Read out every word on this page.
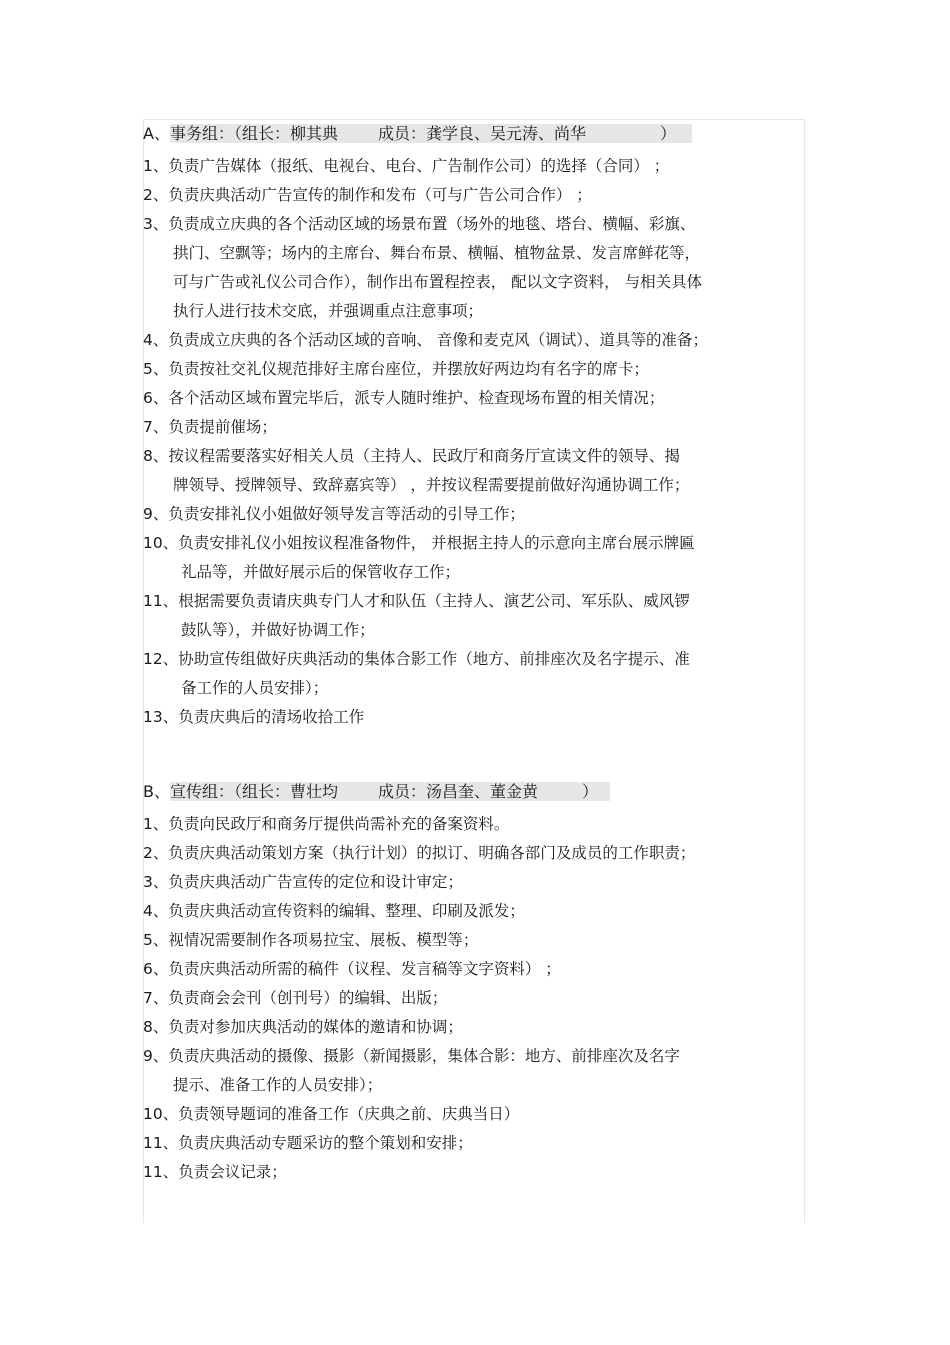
A、事务组：（组长：柳其典	成员：龚学良、吴元涛、尚华	）
1、负责广告媒体（报纸、电视台、电台、广告制作公司）的选择（合同） ；
2、负责庆典活动广告宣传的制作和发布（可与广告公司合作） ；
3、负责成立庆典的各个活动区域的场景布置（场外的地毯、塔台、横幅、彩旗、
拱门、空飘等；场内的主席台、舞台布景、横幅、植物盆景、发言席鲜花等，
可与广告或礼仪公司合作），制作出布置程控表， 配以文字资料， 与相关具体
执行人进行技术交底，并强调重点注意事项；
4、负责成立庆典的各个活动区域的音响、 音像和麦克风（调试）、道具等的准备；
5、负责按社交礼仪规范排好主席台座位，并摆放好两边均有名字的席卡；
6、各个活动区域布置完毕后，派专人随时维护、检查现场布置的相关情况；
7、负责提前催场；
8、按议程需要落实好相关人员（主持人、民政厅和商务厅宣读文件的领导、揭
牌领导、授牌领导、致辞嘉宾等） ，并按议程需要提前做好沟通协调工作；
9、负责安排礼仪小姐做好领导发言等活动的引导工作；
10、负责安排礼仪小姐按议程准备物件， 并根据主持人的示意向主席台展示牌匾
礼品等，并做好展示后的保管收存工作；
11、根据需要负责请庆典专门人才和队伍（主持人、演艺公司、军乐队、威风锣
鼓队等），并做好协调工作；
12、协助宣传组做好庆典活动的集体合影工作（地方、前排座次及名字提示、准
备工作的人员安排）；
13、负责庆典后的清场收拾工作
B、宣传组：（组长：曹壮均	成员：汤昌奎、董金黄	）
1、负责向民政厅和商务厅提供尚需补充的备案资料。
2、负责庆典活动策划方案（执行计划）的拟订、明确各部门及成员的工作职责；
3、负责庆典活动广告宣传的定位和设计审定；
4、负责庆典活动宣传资料的编辑、整理、印刷及派发；
5、视情况需要制作各项易拉宝、展板、模型等；
6、负责庆典活动所需的稿件（议程、发言稿等文字资料） ；
7、负责商会会刊（创刊号）的编辑、出版；
8、负责对参加庆典活动的媒体的邀请和协调；
9、负责庆典活动的摄像、摄影（新闻摄影，集体合影：地方、前排座次及名字
提示、准备工作的人员安排）；
10、负责领导题词的准备工作（庆典之前、庆典当日）
11、负责庆典活动专题采访的整个策划和安排；
11、负责会议记录；
